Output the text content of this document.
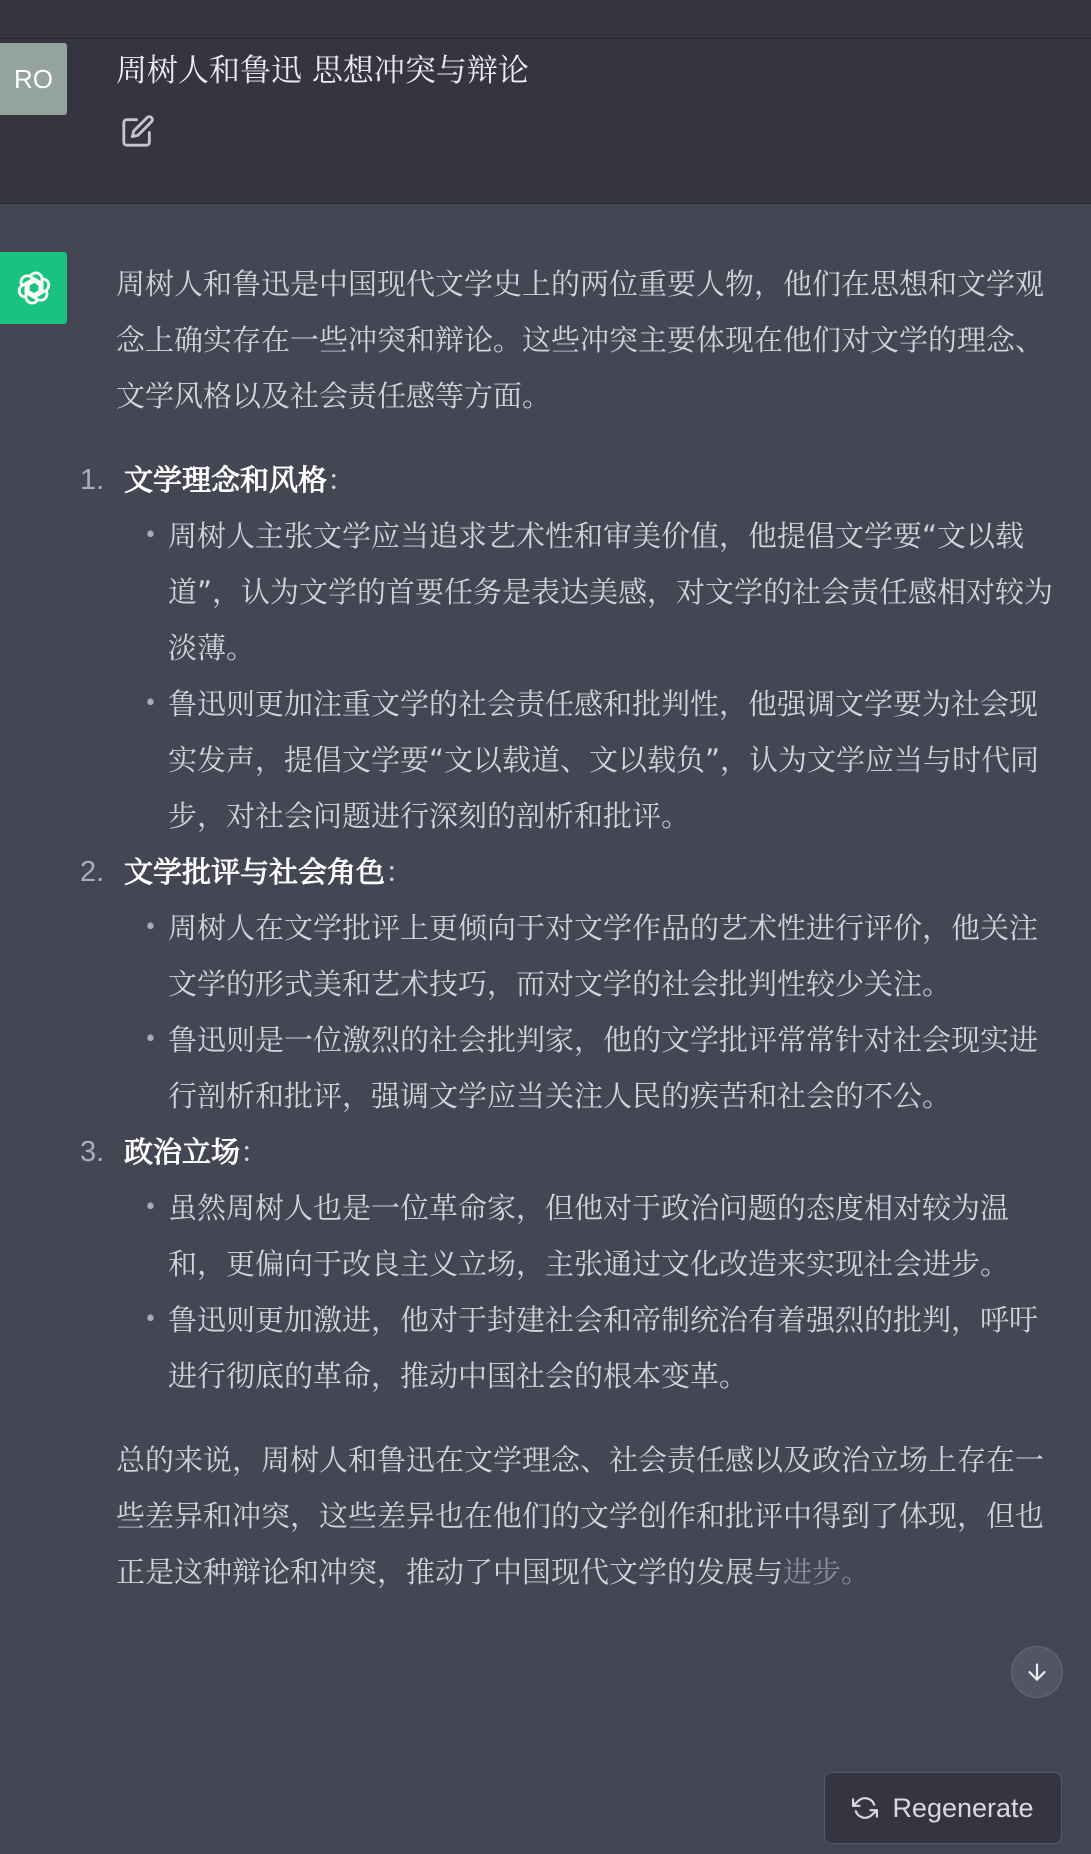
RO 周树人和鲁迅 思想冲突与辩论

周树人和鲁迅是中国现代文学史上的两位重要人物，他们在思想和文学观念上确实存在一些冲突和辩论。这些冲突主要体现在他们对文学的理念、文学风格以及社会责任感等方面。

1. 文学理念和风格：
• 周树人主张文学应当追求艺术性和审美价值，他提倡文学要“文以载道”，认为文学的首要任务是表达美感，对文学的社会责任感相对较为淡薄。
• 鲁迅则更加注重文学的社会责任感和批判性，他强调文学要为社会现实发声，提倡文学要“文以载道、文以载负”，认为文学应当与时代同步，对社会问题进行深刻的剖析和批评。
2. 文学批评与社会角色：
• 周树人在文学批评上更倾向于对文学作品的艺术性进行评价，他关注文学的形式美和艺术技巧，而对文学的社会批判性较少关注。
• 鲁迅则是一位激烈的社会批判家，他的文学批评常常针对社会现实进行剖析和批评，强调文学应当关注人民的疾苦和社会的不公。
3. 政治立场：
• 虽然周树人也是一位革命家，但他对于政治问题的态度相对较为温和，更偏向于改良主义立场，主张通过文化改造来实现社会进步。
• 鲁迅则更加激进，他对于封建社会和帝制统治有着强烈的批判，呼吁进行彻底的革命，推动中国社会的根本变革。

总的来说，周树人和鲁迅在文学理念、社会责任感以及政治立场上存在一些差异和冲突，这些差异也在他们的文学创作和批评中得到了体现，但也正是这种辩论和冲突，推动了中国现代文学的发展与进步。

Regenerate
